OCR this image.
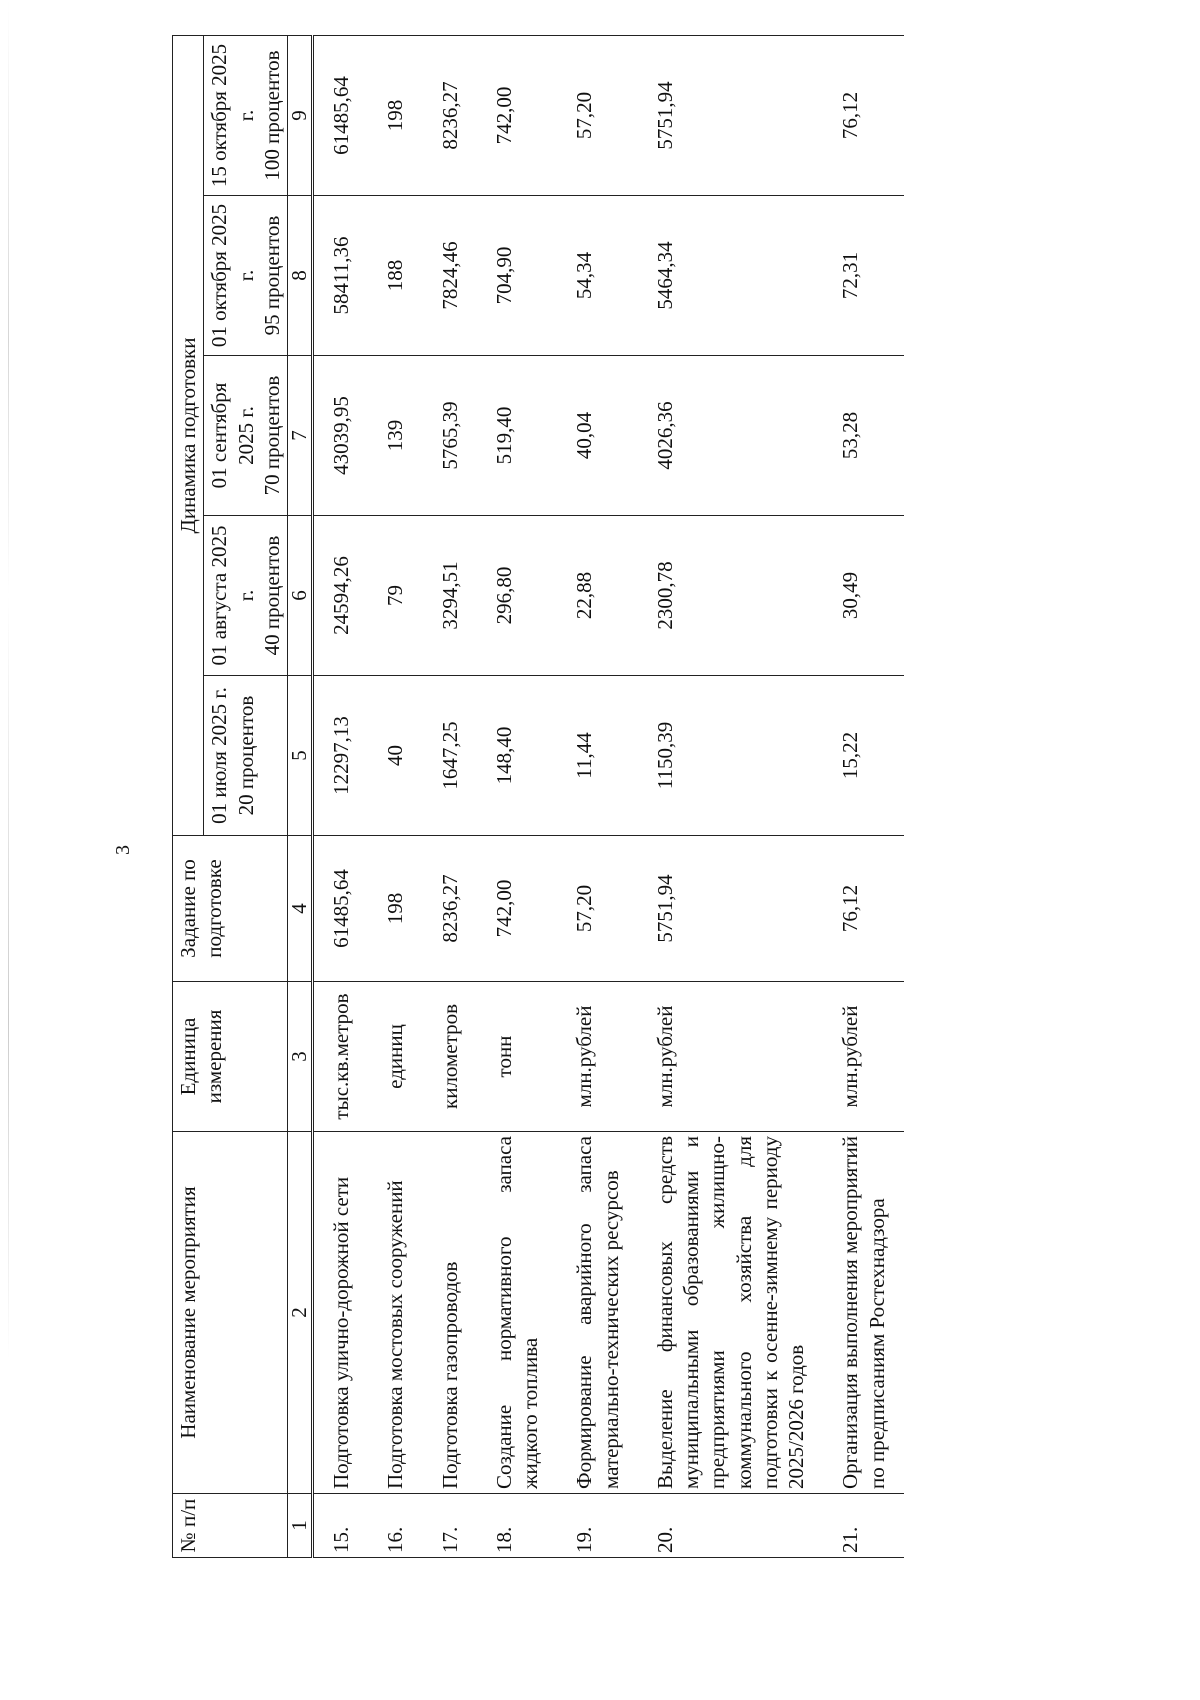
3
№ п/п	Наименование мероприятия	Единица измерения	Задание по подготовке	Динамика подготовки				
				01 июля 2025 г. 20 процентов	01 августа 2025 г. 40 процентов	01 сентября 2025 г. 70 процентов	01 октября 2025 г. 95 процентов	15 октября 2025 г. 100 процентов
1	2	3	4	5	6	7	8	9
15.	Подготовка улично-дорожной сети	тыс.кв.метров	61485,64	12297,13	24594,26	43039,95	58411,36	61485,64
16.	Подготовка мостовых сооружений	единиц	198	40	79	139	188	198
17.	Подготовка газопроводов	километров	8236,27	1647,25	3294,51	5765,39	7824,46	8236,27
18.	Создание нормативного запаса жидкого топлива	тонн	742,00	148,40	296,80	519,40	704,90	742,00
19.	Формирование аварийного запаса материально-технических ресурсов	млн.рублей	57,20	11,44	22,88	40,04	54,34	57,20
20.	Выделение финансовых средств муниципальными образованиями и предприятиями жилищно-коммунального хозяйства для подготовки к осенне-зимнему периоду 2025/2026 годов	млн.рублей	5751,94	1150,39	2300,78	4026,36	5464,34	5751,94
21.	Организация выполнения мероприятий по предписаниям Ростехнадзора	млн.рублей	76,12	15,22	30,49	53,28	72,31	76,12
